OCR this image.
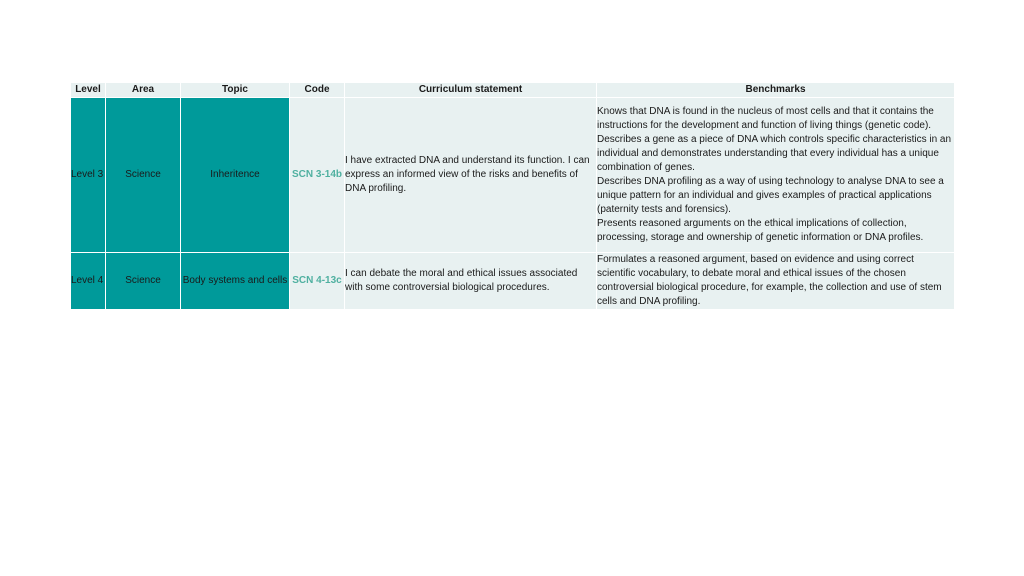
Level	Area	Topic	Code	Curriculum statement	Benchmarks
Level 3	Science	Inheritence	SCN 3-14b	I have extracted DNA and understand its function. I can express an informed view of the risks and benefits of DNA profiling.	Knows that DNA is found in the nucleus of most cells and that it contains the instructions for the development and function of living things (genetic code).
Describes a gene as a piece of DNA which controls specific characteristics in an individual and demonstrates understanding that every individual has a unique combination of genes.
Describes DNA profiling as a way of using technology to analyse DNA to see a unique pattern for an individual and gives examples of practical applications (paternity tests and forensics).
Presents reasoned arguments on the ethical implications of collection, processing, storage and ownership of genetic information or DNA profiles.

Level 4	Science	Body systems and cells	SCN 4-13c	I can debate the moral and ethical issues associated with some controversial biological procedures.	Formulates a reasoned argument, based on evidence and using correct scientific vocabulary, to debate moral and ethical issues of the chosen controversial biological procedure, for example, the collection and use of stem cells and DNA profiling.
